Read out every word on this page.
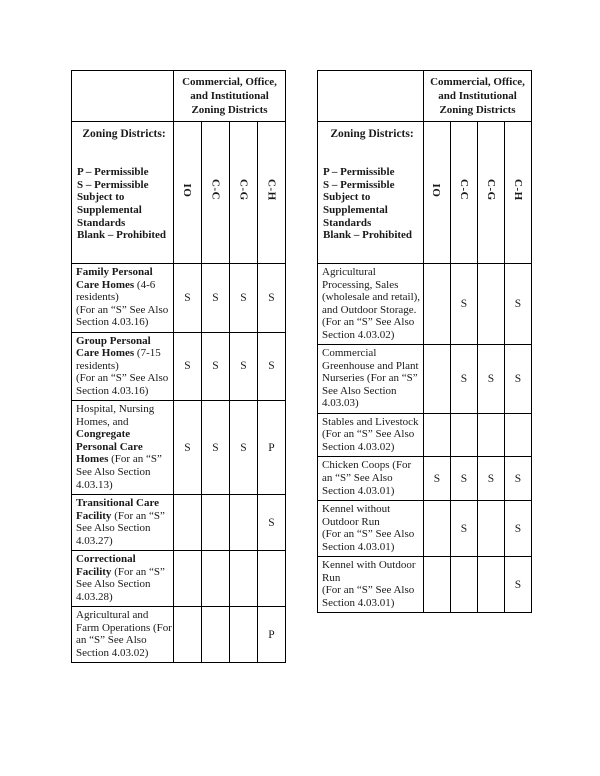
	Commercial, Office, and Institutional Zoning Districts			

Zoning Districts:
P – Permissible
S – Permissible Subject to Supplemental Standards
Blank – Prohibited	OI	C-C	C-G	C-H

Family Personal Care Homes (4-6 residents)
(For an “S” See Also Section 4.03.16)	S	S	S	S

Group Personal Care Homes (7-15 residents)
(For an “S” See Also Section 4.03.16)	S	S	S	S

Hospital, Nursing Homes, and Congregate Personal Care Homes (For an “S” See Also Section 4.03.13)	S	S	S	P

Transitional Care Facility (For an “S” See Also Section 4.03.27)				S

Correctional Facility (For an “S” See Also Section 4.03.28)				

Agricultural and Farm Operations (For an “S” See Also Section 4.03.02)				P
	Commercial, Office, and Institutional Zoning Districts			

Zoning Districts:
P – Permissible
S – Permissible Subject to Supplemental Standards
Blank – Prohibited	OI	C-C	C-G	C-H

Agricultural Processing, Sales (wholesale and retail), and Outdoor Storage. (For an “S” See Also Section 4.03.02)		S		S

Commercial Greenhouse and Plant Nurseries (For an “S” See Also Section 4.03.03)		S	S	S

Stables and Livestock
(For an “S” See Also Section 4.03.02)				

Chicken Coops (For an “S” See Also Section 4.03.01)	S	S	S	S

Kennel without Outdoor Run
(For an “S” See Also Section 4.03.01)		S		S

Kennel with Outdoor Run
(For an “S” See Also Section 4.03.01)				S
